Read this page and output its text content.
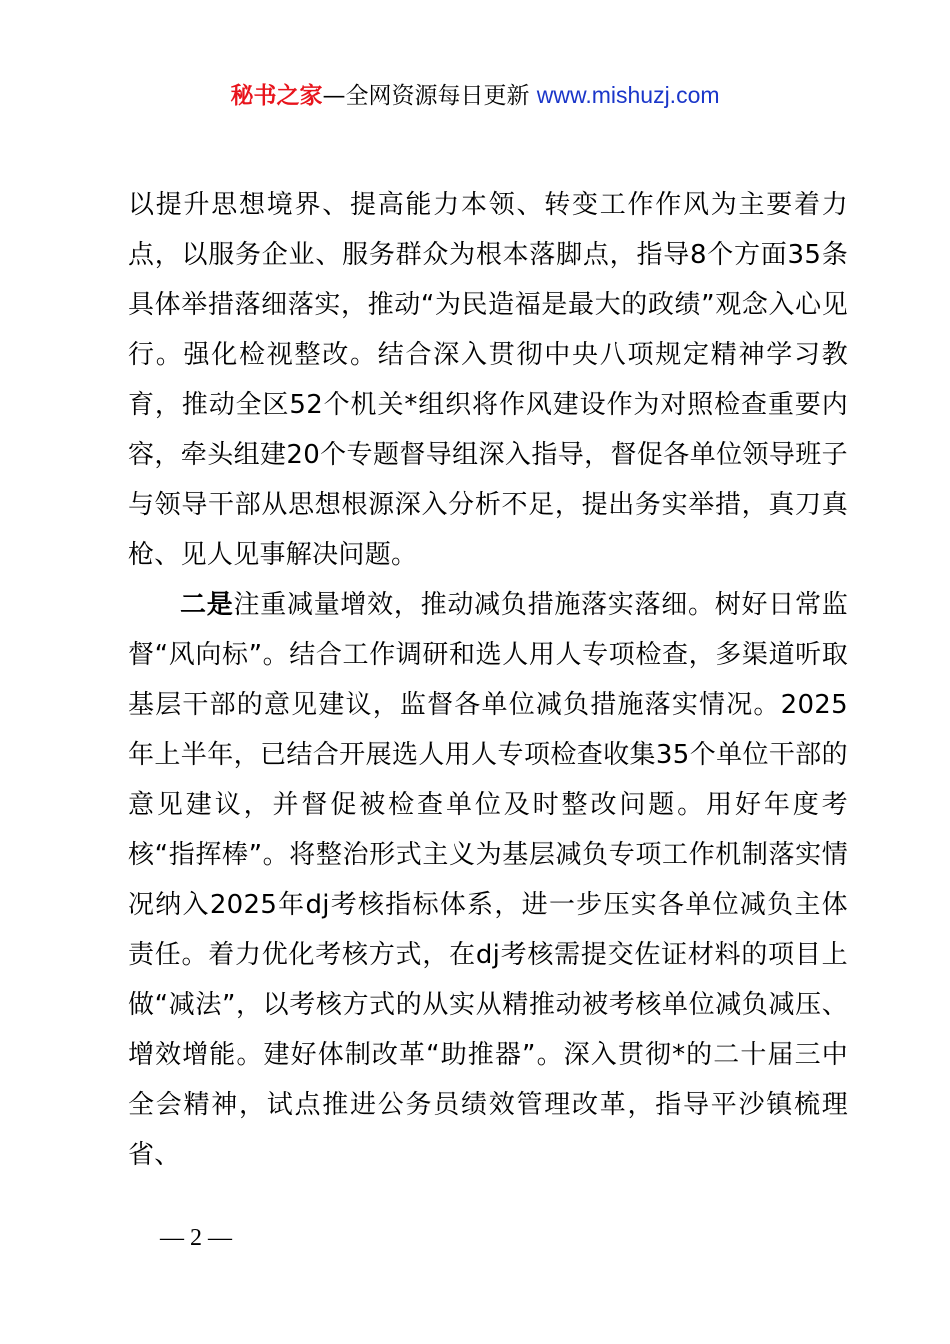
秘书之家—全网资源每日更新 www.mishuzj.com

以提升思想境界、提高能力本领、转变工作作风为主要着力点，以服务企业、服务群众为根本落脚点，指导8个方面35条具体举措落细落实，推动“为民造福是最大的政绩”观念入心见行。强化检视整改。结合深入贯彻中央八项规定精神学习教育，推动全区52个机关*组织将作风建设作为对照检查重要内容，牵头组建20个专题督导组深入指导，督促各单位领导班子与领导干部从思想根源深入分析不足，提出务实举措，真刀真枪、见人见事解决问题。

二是注重减量增效，推动减负措施落实落细。树好日常监督“风向标”。结合工作调研和选人用人专项检查，多渠道听取基层干部的意见建议，监督各单位减负措施落实情况。2025年上半年，已结合开展选人用人专项检查收集35个单位干部的意见建议，并督促被检查单位及时整改问题。用好年度考核“指挥棒”。将整治形式主义为基层减负专项工作机制落实情况纳入2025年dj考核指标体系，进一步压实各单位减负主体责任。着力优化考核方式，在dj考核需提交佐证材料的项目上做“减法”，以考核方式的从实从精推动被考核单位减负减压、增效增能。建好体制改革“助推器”。深入贯彻*的二十届三中全会精神，试点推进公务员绩效管理改革，指导平沙镇梳理省、

— 2 —
